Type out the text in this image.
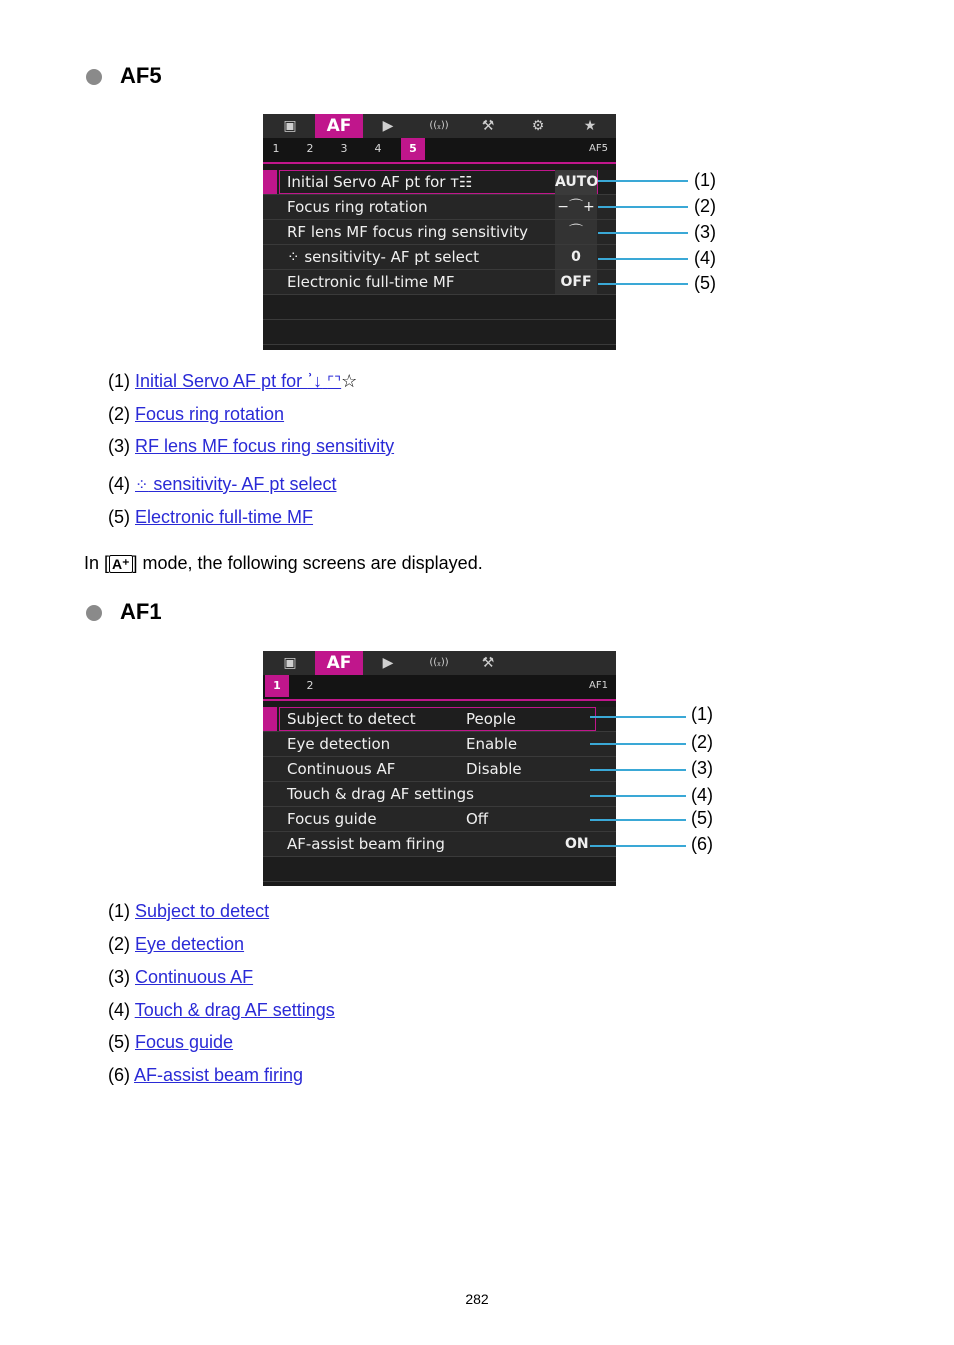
AF5
▣	AF	▶	((ᵪ))	⚒	⚙	★
1	2	3	4	5	AF5
Initial Servo AF pt for ᴛ☷	AUTO
Focus ring rotation	−⌒+
RF lens MF focus ring sensitivity	⌒
⁘ sensitivity- AF pt select	0
Electronic full-time MF	OFF
(1)
(2)
(3)
(4)
(5)
(1) Initial Servo AF pt for ʾ↓ ⌜⌝☆
(2) Focus ring rotation
(3) RF lens MF focus ring sensitivity
(4) ⁘ sensitivity- AF pt select
(5) Electronic full-time MF
In [ A⁺ ] mode, the following screens are displayed.
AF1
▣	AF	▶	((ᵪ))	⚒
1	2	AF1
Subject to detect	People
Eye detection	Enable
Continuous AF	Disable
Touch & drag AF settings
Focus guide	Off
AF-assist beam firing	ON
(1)
(2)
(3)
(4)
(5)
(6)
(1) Subject to detect
(2) Eye detection
(3) Continuous AF
(4) Touch & drag AF settings
(5) Focus guide
(6) AF-assist beam firing
282
